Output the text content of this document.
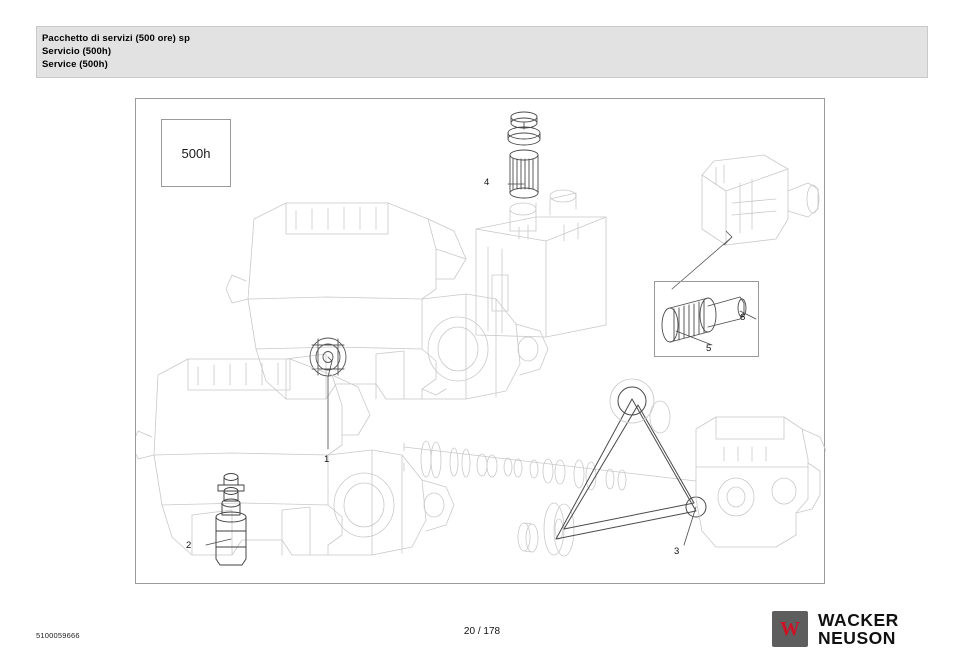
Pacchetto di servizi (500 ore) sp
Servicio (500h)
Service (500h)
500h
1
2
3
4
5
6
5100059666	20 / 178	W	WACKER
NEUSON
